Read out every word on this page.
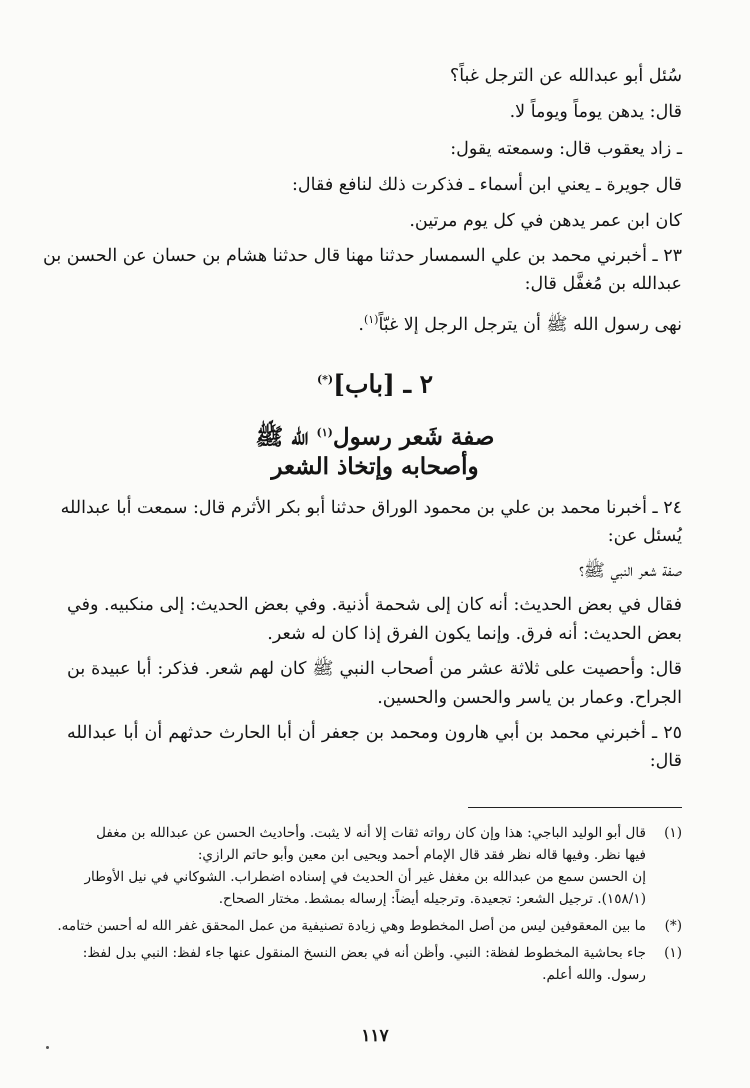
سُئل أبو عبدالله عن الترجل غباً؟
قال: يدهن يوماً ويوماً لا.
ـ زاد يعقوب قال: وسمعته يقول:
قال جويرة ـ يعني ابن أسماء ـ فذكرت ذلك لنافع فقال:
كان ابن عمر يدهن في كل يوم مرتين.
٢٣ ـ أخبرني محمد بن علي السمسار حدثنا مهنا قال حدثنا هشام بن حسان عن الحسن بن
عبدالله بن مُغفَّل قال:
نهى رسول الله ﷺ أن يترجل الرجل إلا غبّاً$^{(١)}$.
٢ ـ [باب](*)
صفة شَعر رسول$^{(١)}$ الله ﷺ
وأصحابه وإتخاذ الشعر
٢٤ ـ أخبرنا محمد بن علي بن محمود الوراق حدثنا أبو بكر الأثرم قال: سمعت أبا عبدالله
يُسئل عن:
صفة شعر النبي ﷺ؟
فقال في بعض الحديث: أنه كان إلى شحمة أذنية. وفي بعض الحديث: إلى منكبيه. وفي
بعض الحديث: أنه فرق. وإنما يكون الفرق إذا كان له شعر.
قال: وأحصيت على ثلاثة عشر من أصحاب النبي ﷺ كان لهم شعر. فذكر: أبا عبيدة بن
الجراح. وعمار بن ياسر والحسن والحسين.
٢٥ ـ أخبرني محمد بن أبي هارون ومحمد بن جعفر أن أبا الحارث حدثهم أن أبا عبدالله
قال:
(١)قال أبو الوليد الباجي: هذا وإن كان رواته ثقات إلا أنه لا يثبت. وأحاديث الحسن عن عبدالله بن مغفل
فيها نظر. وفيها قاله نظر فقد قال الإمام أحمد ويحيى ابن معين وأبو حاتم الرازي:
إن الحسن سمع من عبدالله بن مغفل غير أن الحديث في إسناده اضطراب. الشوكاني في نيل الأوطار
(١٥٨/١). ترجيل الشعر: تجعيدة. وترجيله أيضاً: إرساله بمشط. مختار الصحاح.
(*)ما بين المعقوفين ليس من أصل المخطوط وهي زيادة تصنيفية من عمل المحقق غفر الله له أحسن ختامه.
(١)جاء بحاشية المخطوط لفظة: النبي. وأظن أنه في بعض النسخ المنقول عنها جاء لفظ: النبي بدل لفظ:
رسول. والله أعلم.
١١٧
